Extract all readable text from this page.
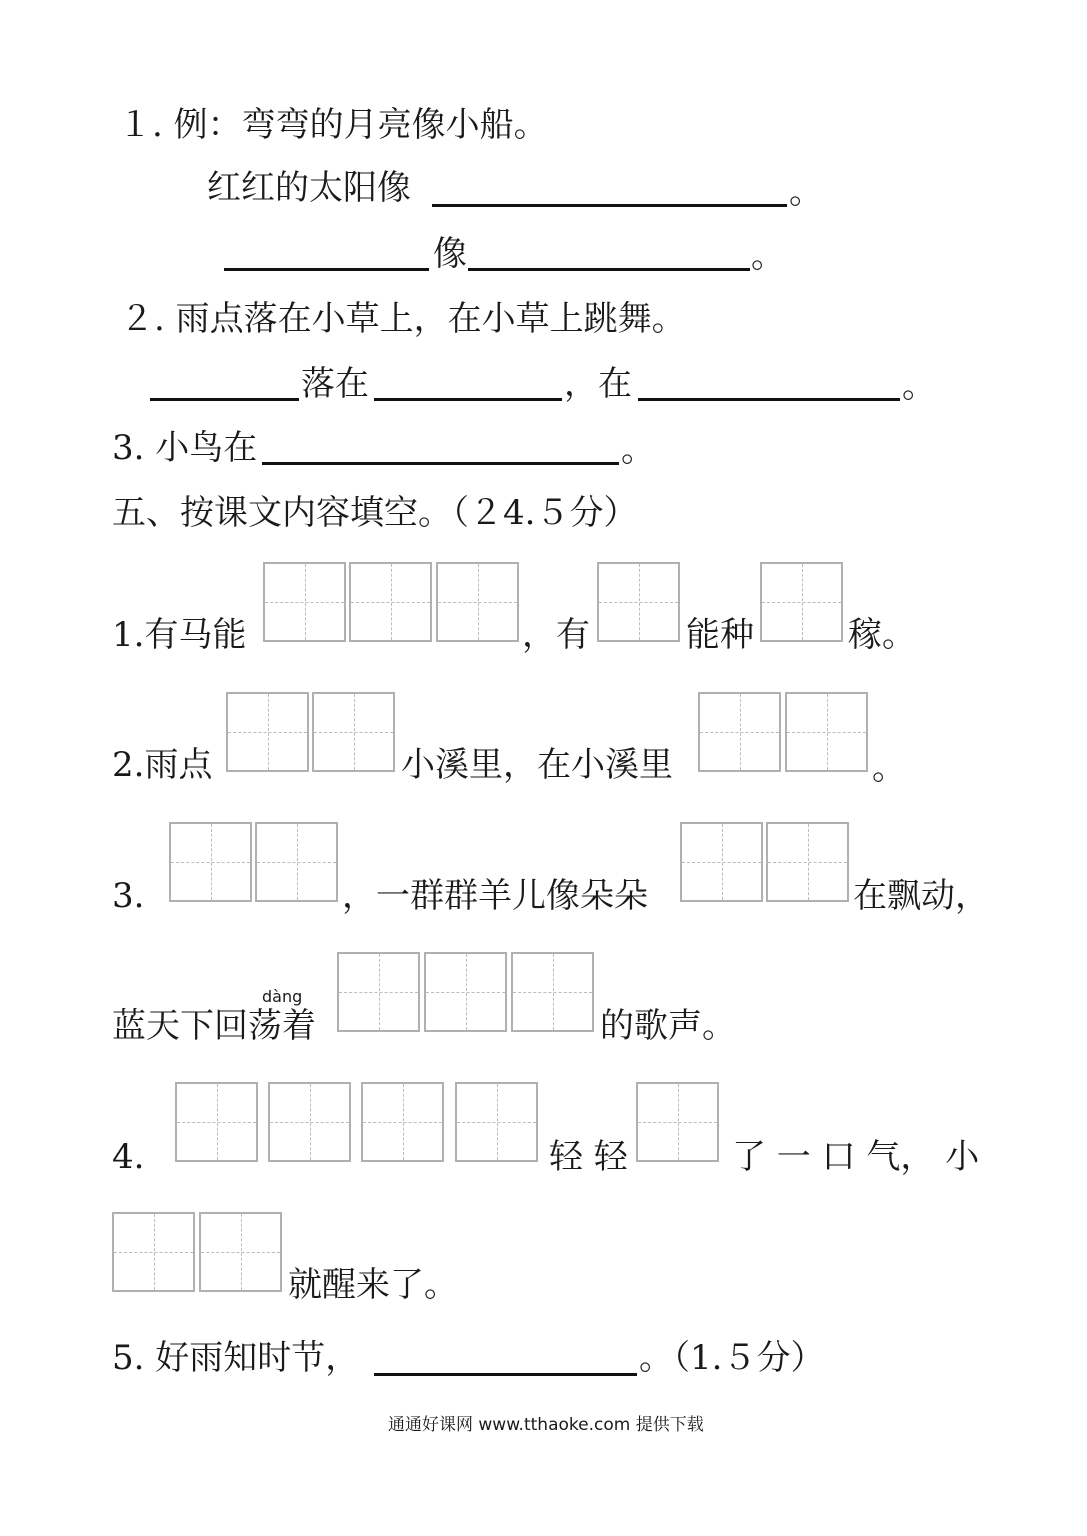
１. 例：弯弯的月亮像小船。
红红的太阳像	。
像	。
２. 雨点落在小草上，在小草上跳舞。
落在	，在	。
3. 小鸟在	。
五、按课文内容填空。（２4.５分）
1.有马能	，有	能种	稼。
2.雨点	小溪里，在小溪里	。
3.	，一群群羊儿像朵朵	在飘动，
dàng
蓝天下回荡着	的歌声。
4.	轻 轻	了 一 口 气， 小
就醒来了。
5. 好雨知时节，	。（1.５分）
通通好课网 www.tthaoke.com 提供下载
